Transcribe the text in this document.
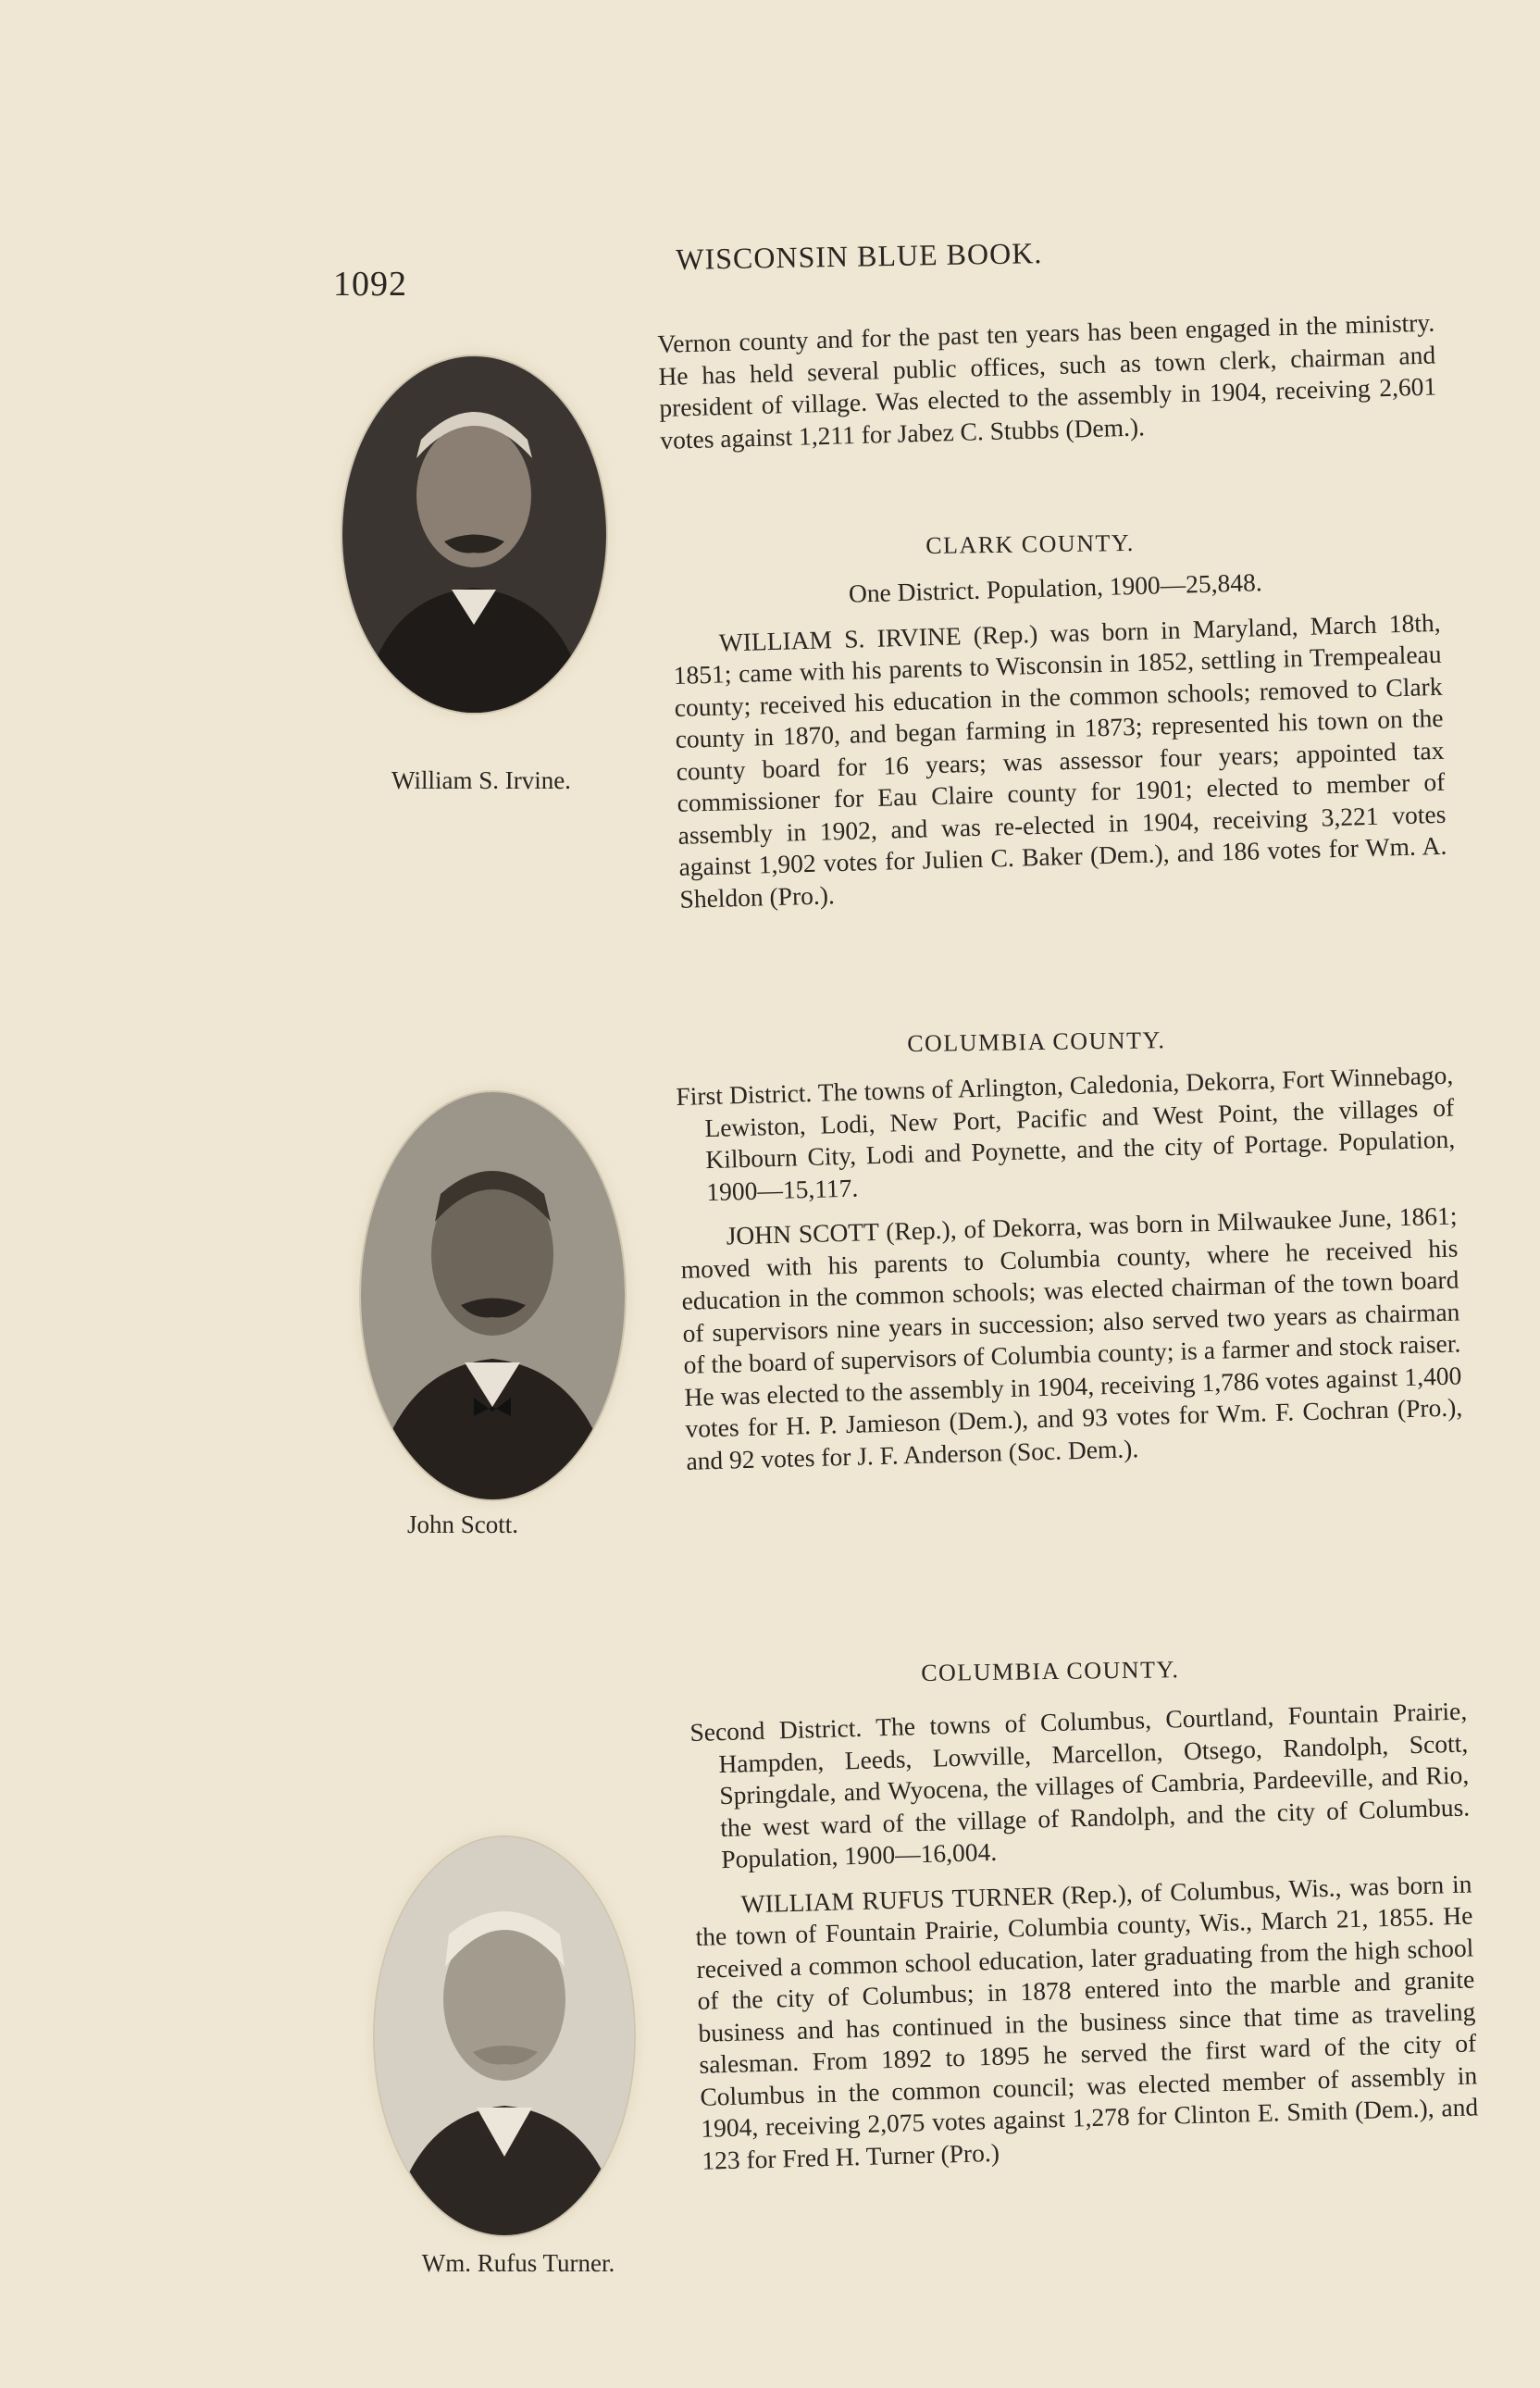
1092
WISCONSIN BLUE BOOK.
William S. Irvine.
John Scott.
Wm. Rufus Turner.

Vernon county and for the past ten years has been engaged in the ministry. He has held several public offices, such as town clerk, chairman and president of village. Was elected to the assembly in 1904, receiving 2,601 votes against 1,211 for Jabez C. Stubbs (Dem.).

CLARK COUNTY.

One District. Population, 1900—25,848.

WILLIAM S. IRVINE (Rep.) was born in Maryland, March 18th, 1851; came with his parents to Wisconsin in 1852, settling in Trempealeau county; received his education in the common schools; removed to Clark county in 1870, and began farming in 1873; represented his town on the county board for 16 years; was assessor four years; appointed tax commissioner for Eau Claire county for 1901; elected to member of assembly in 1902, and was re-elected in 1904, receiving 3,221 votes against 1,902 votes for Julien C. Baker (Dem.), and 186 votes for Wm. A. Sheldon (Pro.).

COLUMBIA COUNTY.

First District. The towns of Arlington, Caledonia, Dekorra, Fort Winnebago, Lewiston, Lodi, New Port, Pacific and West Point, the villages of Kilbourn City, Lodi and Poynette, and the city of Portage. Population, 1900—15,117.

JOHN SCOTT (Rep.), of Dekorra, was born in Milwaukee June, 1861; moved with his parents to Columbia county, where he received his education in the common schools; was elected chairman of the town board of supervisors nine years in succession; also served two years as chairman of the board of supervisors of Columbia county; is a farmer and stock raiser. He was elected to the assembly in 1904, receiving 1,786 votes against 1,400 votes for H. P. Jamieson (Dem.), and 93 votes for Wm. F. Cochran (Pro.), and 92 votes for J. F. Anderson (Soc. Dem.).

COLUMBIA COUNTY.

Second District. The towns of Columbus, Courtland, Fountain Prairie, Hampden, Leeds, Lowville, Marcellon, Otsego, Randolph, Scott, Springdale, and Wyocena, the villages of Cambria, Pardeeville, and Rio, the west ward of the village of Randolph, and the city of Columbus. Population, 1900—16,004.

WILLIAM RUFUS TURNER (Rep.), of Columbus, Wis., was born in the town of Fountain Prairie, Columbia county, Wis., March 21, 1855. He received a common school education, later graduating from the high school of the city of Columbus; in 1878 entered into the marble and granite business and has continued in the business since that time as traveling salesman. From 1892 to 1895 he served the first ward of the city of Columbus in the common council; was elected member of assembly in 1904, receiving 2,075 votes against 1,278 for Clinton E. Smith (Dem.), and 123 for Fred H. Turner (Pro.)
